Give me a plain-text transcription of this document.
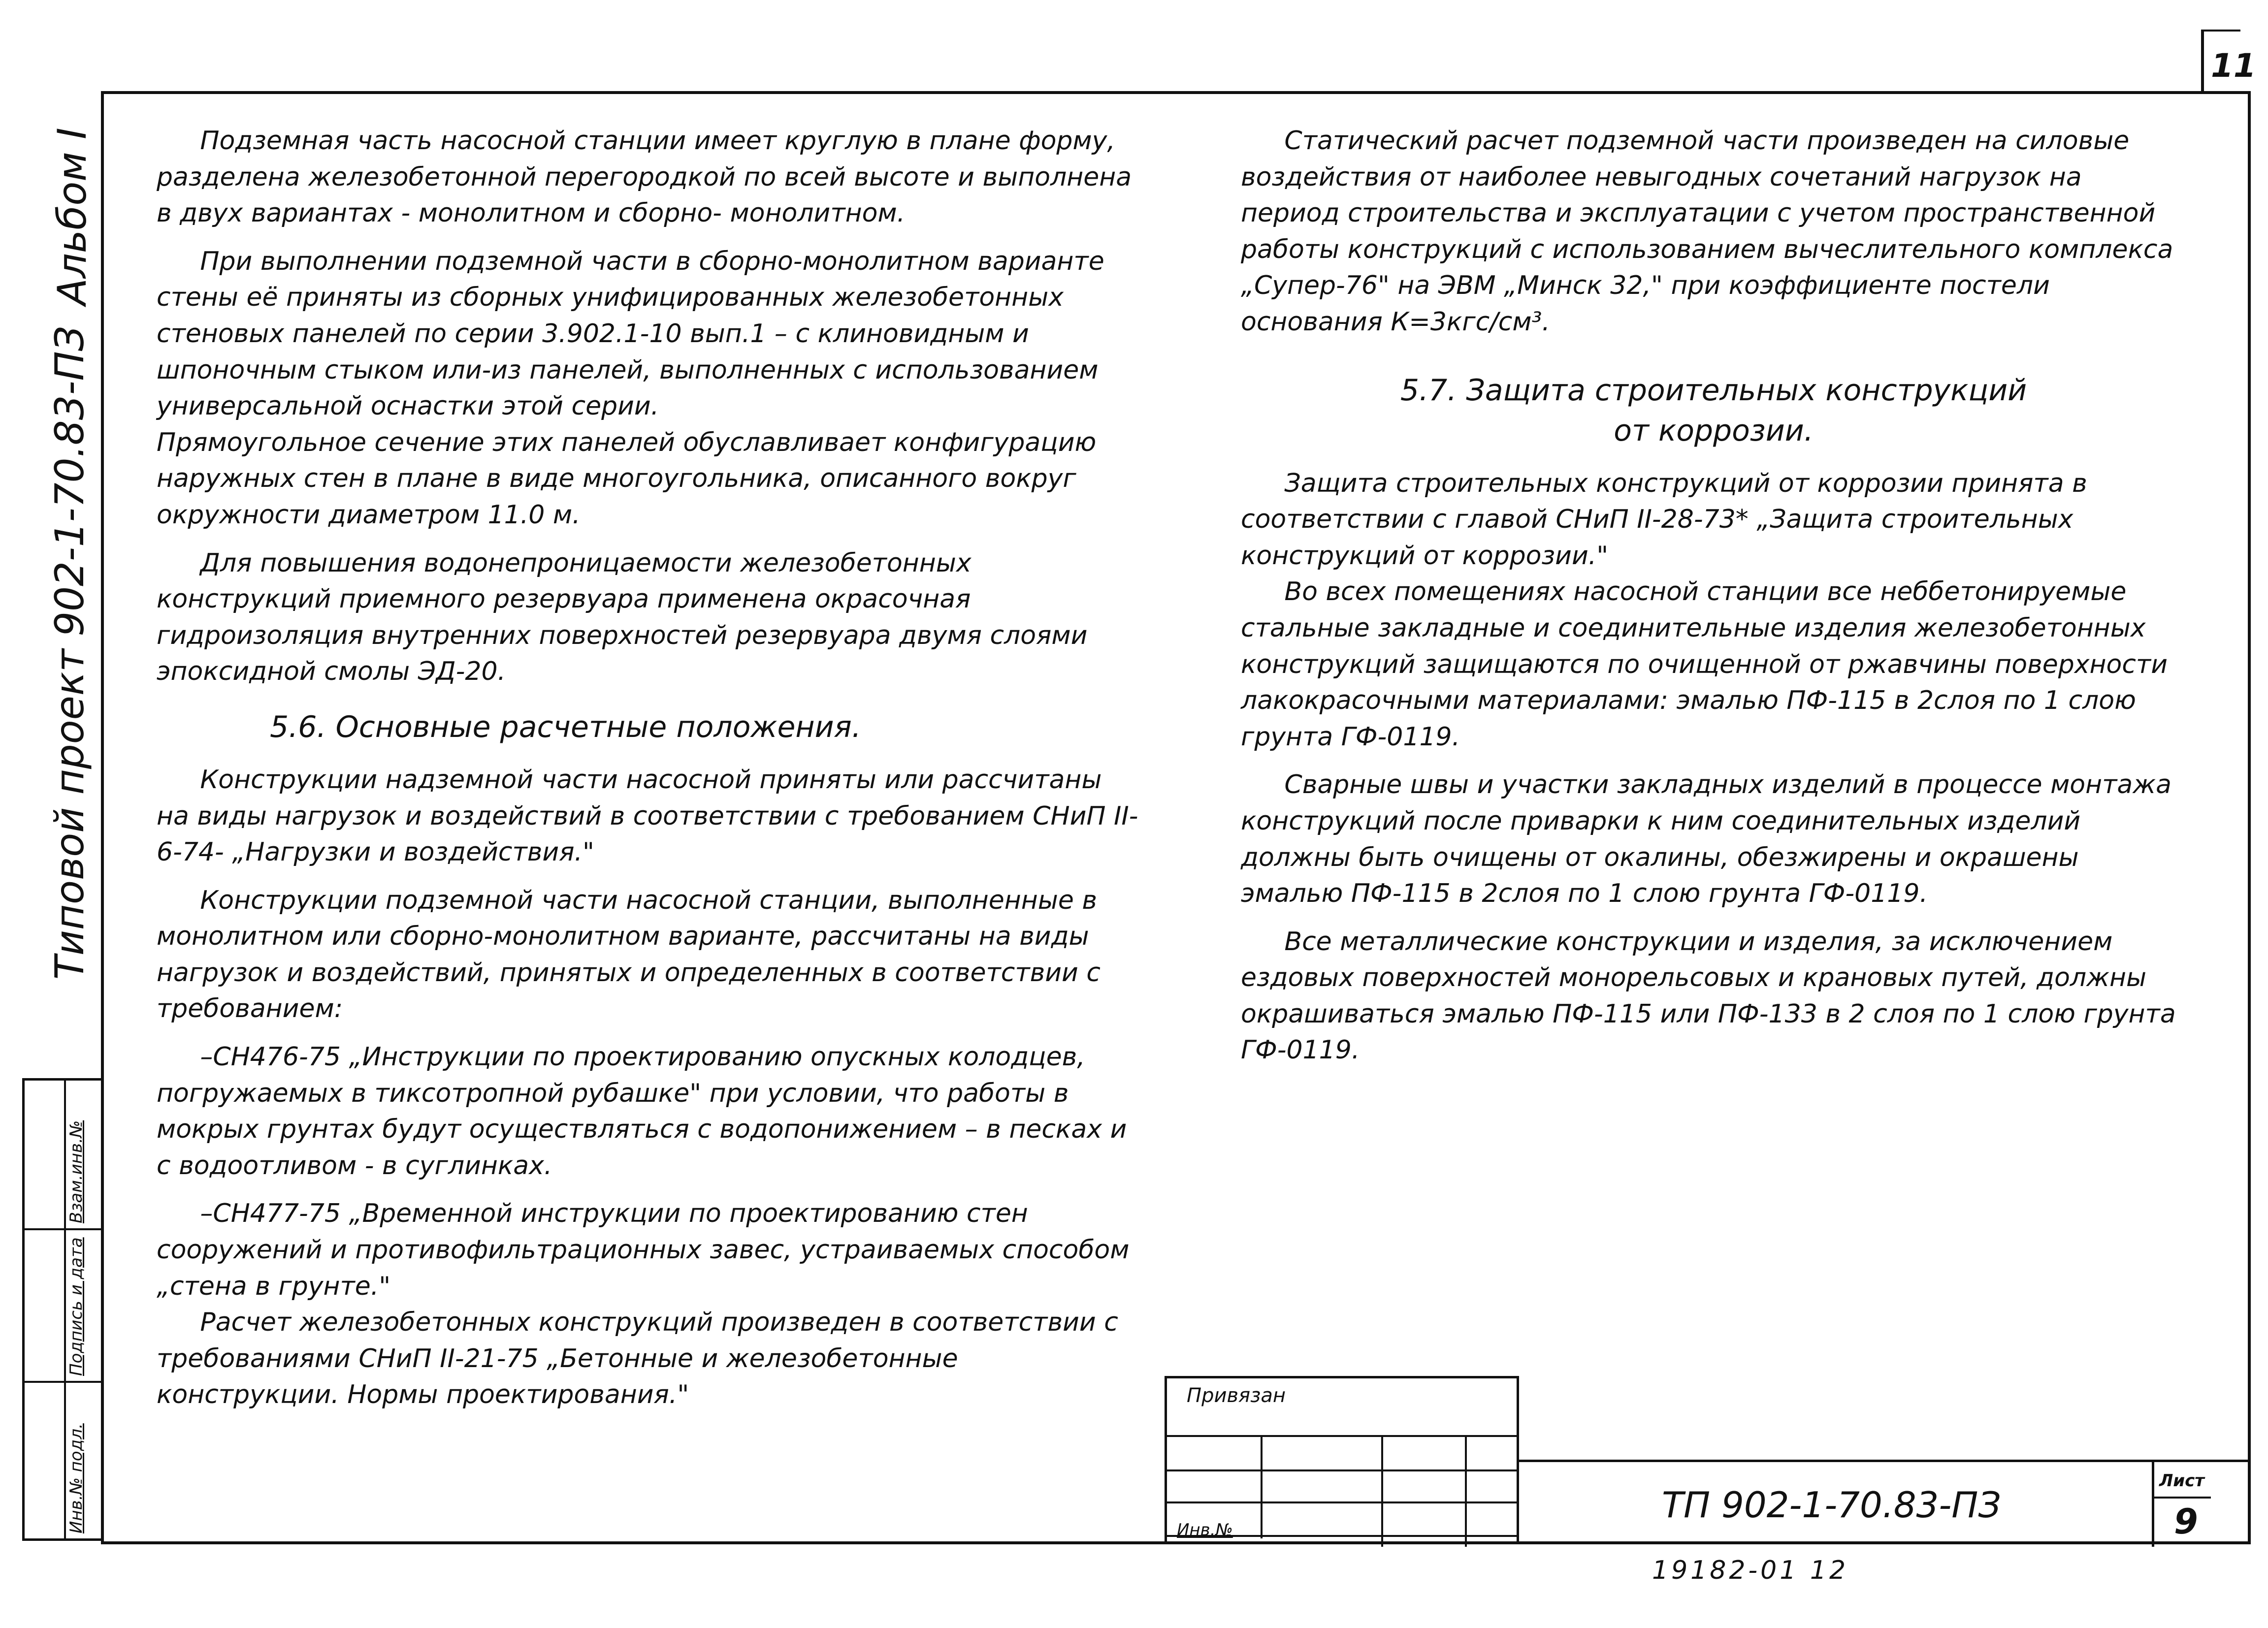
11
Альбом I
Типовой проект 902-1-70.83-ПЗ
Взам.инв.№
Подпись и дата
Инв.№ подл.

Подземная часть насосной станции имеет круглую в плане форму, разделена железобетонной перегородкой по всей высоте и выполнена в двух вариантах - монолитном и сборно- монолитном.

При выполнении подземной части в сборно-монолитном варианте стены её приняты из сборных унифицированных железобетонных стеновых панелей по серии 3.902.1-10 вып.1 – с клиновидным и шпоночным стыком или-из панелей, выполненных с использованием универсальной оснастки этой серии.

Прямоугольное сечение этих панелей обуславливает конфигурацию наружных стен в плане в виде многоугольника, описанного вокруг окружности диаметром 11.0 м.

Для повышения водонепроницаемости железобетонных конструкций приемного резервуара применена окрасочная гидроизоляция внутренних поверхностей резервуара двумя слоями эпоксидной смолы ЭД-20.

5.6. Основные расчетные положения.

Конструкции надземной части насосной приняты или рассчитаны на виды нагрузок и воздействий в соответствии с требованием СНиП II-6-74- „Нагрузки и воздействия."

Конструкции подземной части насосной станции, выполненные в монолитном или сборно-монолитном варианте, рассчитаны на виды нагрузок и воздействий, принятых и определенных в соответствии с требованием:

–СН476-75 „Инструкции по проектированию опускных колодцев, погружаемых в тиксотропной рубашке" при условии, что работы в мокрых грунтах будут осуществляться с водопонижением – в песках и с водоотливом - в суглинках.

–СН477-75 „Временной инструкции по проектированию стен сооружений и противофильтрационных завес, устраиваемых способом „стена в грунте."

Расчет железобетонных конструкций произведен в соответствии с требованиями СНиП II-21-75 „Бетонные и железобетонные конструкции. Нормы проектирования."

Статический расчет подземной части произведен на силовые воздействия от наиболее невыгодных сочетаний нагрузок на период строительства и эксплуатации с учетом пространственной работы конструкций с использованием вычеслительного комплекса „Супер-76" на ЭВМ „Минск 32," при коэффициенте постели основания К=3кгс/см³.

5.7. Защита строительных конструкций
от коррозии.

Защита строительных конструкций от коррозии принята в соответствии с главой СНиП II-28-73* „Защита строительных конструкций от коррозии."

Во всех помещениях насосной станции все неббетонируемые стальные закладные и соединительные изделия железобетонных конструкций защищаются по очищенной от ржавчины поверхности лакокрасочными материалами: эмалью ПФ-115 в 2слоя по 1 слою грунта ГФ-0119.

Сварные швы и участки закладных изделий в процессе монтажа конструкций после приварки к ним соединительных изделий должны быть очищены от окалины, обезжирены и окрашены эмалью ПФ-115 в 2слоя по 1 слою грунта ГФ-0119.

Все металлические конструкции и изделия, за исключением ездовых поверхностей монорельсовых и крановых путей, должны окрашиваться эмалью ПФ-115 или ПФ-133 в 2 слоя по 1 слою грунта ГФ-0119.

Привязан
Инв.№
ТП 902-1-70.83-ПЗ
Лист
9
19182-01 12
